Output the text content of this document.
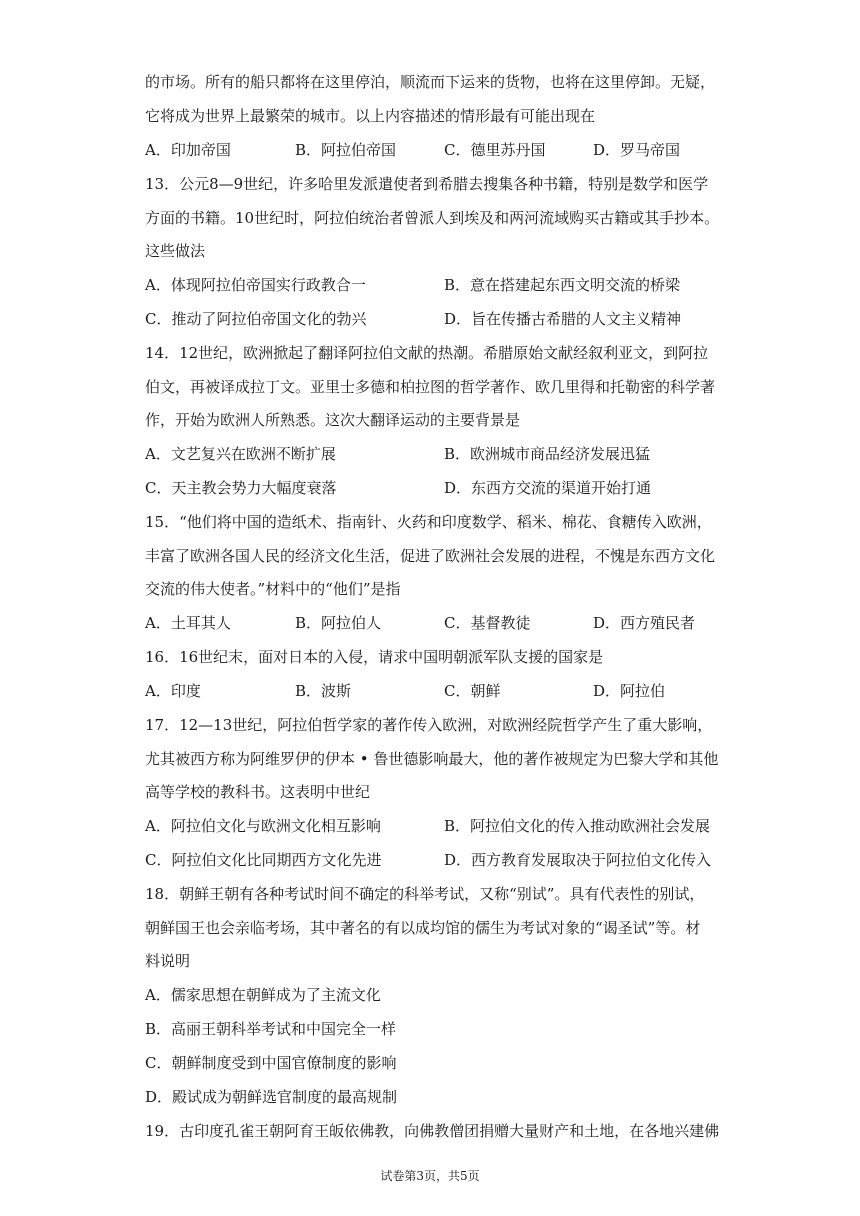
的市场。所有的船只都将在这里停泊，顺流而下运来的货物，也将在这里停卸。无疑，
它将成为世界上最繁荣的城市。以上内容描述的情形最有可能出现在
A．印加帝国	B．阿拉伯帝国	C．德里苏丹国	D．罗马帝国
13．公元8—9世纪，许多哈里发派遣使者到希腊去搜集各种书籍，特别是数学和医学
方面的书籍。10世纪时，阿拉伯统治者曾派人到埃及和两河流域购买古籍或其手抄本。
这些做法
A．体现阿拉伯帝国实行政教合一	B．意在搭建起东西文明交流的桥梁
C．推动了阿拉伯帝国文化的勃兴	D．旨在传播古希腊的人文主义精神
14．12世纪，欧洲掀起了翻译阿拉伯文献的热潮。希腊原始文献经叙利亚文，到阿拉
伯文，再被译成拉丁文。亚里士多德和柏拉图的哲学著作、欧几里得和托勒密的科学著
作，开始为欧洲人所熟悉。这次大翻译运动的主要背景是
A．文艺复兴在欧洲不断扩展	B．欧洲城市商品经济发展迅猛
C．天主教会势力大幅度衰落	D．东西方交流的渠道开始打通
15．“他们将中国的造纸术、指南针、火药和印度数学、稻米、棉花、食糖传入欧洲，
丰富了欧洲各国人民的经济文化生活，促进了欧洲社会发展的进程，不愧是东西方文化
交流的伟大使者。”材料中的“他们”是指
A．土耳其人	B．阿拉伯人	C．基督教徒	D．西方殖民者
16．16世纪末，面对日本的入侵，请求中国明朝派军队支援的国家是
A．印度	B．波斯	C．朝鲜	D．阿拉伯
17．12—13世纪，阿拉伯哲学家的著作传入欧洲，对欧洲经院哲学产生了重大影响，
尤其被西方称为阿维罗伊的伊本 • 鲁世德影响最大，他的著作被规定为巴黎大学和其他
高等学校的教科书。这表明中世纪
A．阿拉伯文化与欧洲文化相互影响	B．阿拉伯文化的传入推动欧洲社会发展
C．阿拉伯文化比同期西方文化先进	D．西方教育发展取决于阿拉伯文化传入
18．朝鲜王朝有各种考试时间不确定的科举考试，又称“别试”。具有代表性的别试，
朝鲜国王也会亲临考场，其中著名的有以成均馆的儒生为考试对象的“谒圣试”等。材
料说明
A．儒家思想在朝鲜成为了主流文化
B．高丽王朝科举考试和中国完全一样
C．朝鲜制度受到中国官僚制度的影响
D．殿试成为朝鲜选官制度的最高规制
19．古印度孔雀王朝阿育王皈依佛教，向佛教僧团捐赠大量财产和土地，在各地兴建佛
试卷第3页，共5页
